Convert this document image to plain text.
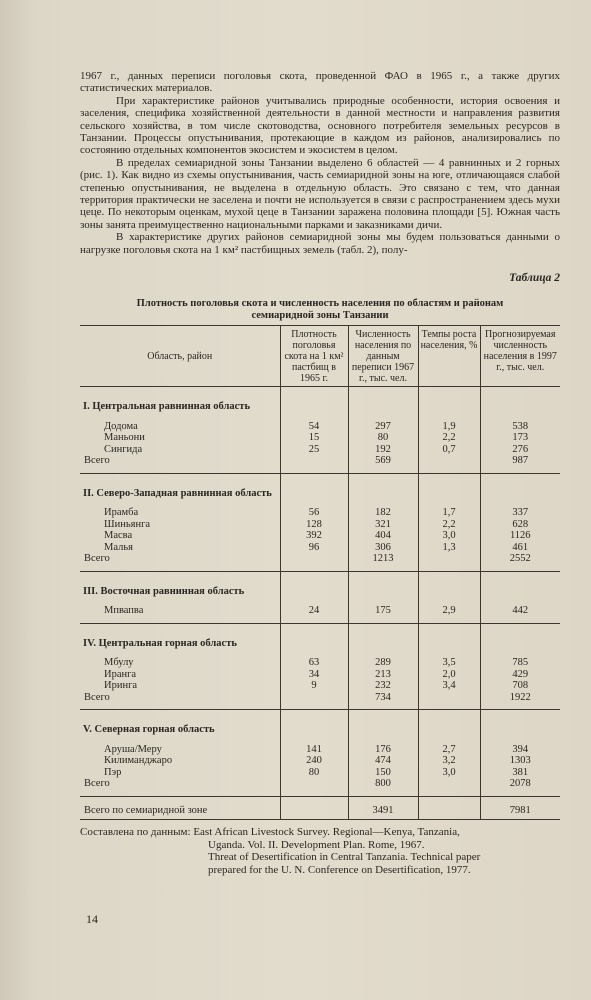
1967 г., данных переписи поголовья скота, проведенной ФАО в 1965 г., а также других статистических материалов.

При характеристике районов учитывались природные особенности, история освоения и заселения, специфика хозяйственной деятельности в данной местности и направления развития сельского хозяйства, в том числе скотоводства, основного потребителя земельных ресурсов в Танзании. Процессы опустынивания, протекающие в каждом из районов, анализировались по состоянию отдельных компонентов экосистем и экосистем в целом.

В пределах семиаридной зоны Танзании выделено 6 областей — 4 равнинных и 2 горных (рис. 1). Как видно из схемы опустынивания, часть семиаридной зоны на юге, отличающаяся слабой степенью опустынивания, не выделена в отдельную область. Это связано с тем, что данная территория практически не заселена и почти не используется в связи с распространением здесь мухи цеце. По некоторым оценкам, мухой цеце в Танзании заражена половина площади [5]. Южная часть зоны занята преимущественно национальными парками и заказниками дичи.

В характеристике других районов семиаридной зоны мы будем пользоваться данными о нагрузке поголовья скота на 1 км² пастбищных земель (табл. 2), полу-

Таблица 2
Плотность поголовья скота и численность населения по областям и районам
семиаридной зоны Танзании
Область, район	Плотность поголовья скота на 1 км² пастбищ в 1965 г.	Численность населения по данным переписи 1967 г., тыс. чел.	Темпы роста населения, %	Прогнозируемая численность населения в 1997 г., тыс. чел.
I. Центральная равнинная область				
Додома	54	297	1,9	538
Маньони	15	80	2,2	173
Сингида	25	192	0,7	276
Всего		569		987

II. Северо-Западная равнинная область				
Ирамба	56	182	1,7	337
Шиньянга	128	321	2,2	628
Масва	392	404	3,0	1126
Малья	96	306	1,3	461
Всего		1213		2552

III. Восточная равнинная область				
Мпвапва	24	175	2,9	442

IV. Центральная горная область				
Мбулу	63	289	3,5	785
Иранга	34	213	2,0	429
Иринга	9	232	3,4	708
Всего		734		1922

V. Северная горная область				
Аруша/Меру	141	176	2,7	394
Килиманджаро	240	474	3,2	1303
Пэр	80	150	3,0	381
Всего		800		2078

Всего по семиаридной зоне		3491		7981
Составлена по данным: East African Livestock Survey. Regional—Kenya, Tanzania,
Uganda. Vol. II. Development Plan. Rome, 1967.
Threat of Desertification in Central Tanzania. Technical paper
prepared for the U. N. Conference on Desertification, 1977.
14
